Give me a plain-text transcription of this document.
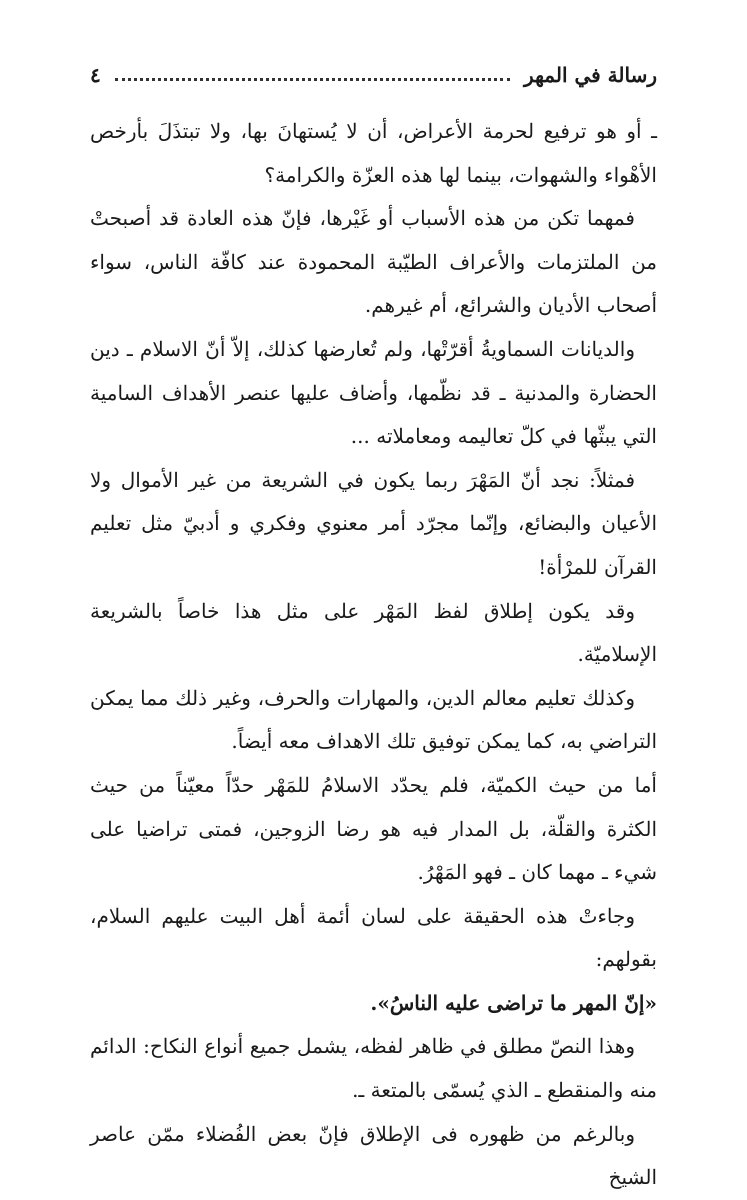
رسالة في المهر
٤

ـ أو هو ترفيع لحرمة الأعراض، أن لا يُستهانَ بها، ولا تبتذَلَ بأرخص الأهْواء والشهوات، بينما لها هذه العزّة والكرامة؟

فمهما تكن من هذه الأسباب أو غَيْرها، فإنّ هذه العادة قد أصبحتْ من الملتزمات والأعراف الطيّبة المحمودة عند كافّة الناس، سواء أصحاب الأديان والشرائع، أم غيرهم.

والديانات السماويةُ أقرّتْها، ولم تُعارضها كذلك، إلاّ أنّ الاسلام ـ دين الحضارة والمدنية ـ قد نظّمها، وأضاف عليها عنصر الأهداف السامية التي يبثّها في كلّ تعاليمه ومعاملاته ...

فمثلاً: نجد أنّ المَهْرَ ربما يكون في الشريعة من غير الأموال ولا الأعيان والبضائع، وإنّما مجرّد أمر معنوي وفكري و أدبيّ مثل تعليم القرآن للمرْأة!

وقد يكون إطلاق لفظ المَهْر على مثل هذا خاصاً بالشريعة الإسلاميّة.

وكذلك تعليم معالم الدين، والمهارات والحرف، وغير ذلك مما يمكن التراضي به، كما يمكن توفيق تلك الاهداف معه أيضاً.

أما من حيث الكميّة، فلم يحدّد الاسلامُ للمَهْر حدّاً معيّناً من حيث الكثرة والقلّة، بل المدار فيه هو رضا الزوجين، فمتى تراضيا على شيء ـ مهما كان ـ فهو المَهْرُ.

وجاءتْ هذه الحقيقة على لسان أئمة أهل البيت عليهم السلام، بقولهم:

«إنّ المهر ما تراضى عليه الناسُ».

وهذا النصّ مطلق في ظاهر لفظه، يشمل جميع أنواع النكاح: الدائم منه والمنقطع ـ الذي يُسمّى بالمتعة ـ.

وبالرغم من ظهوره فى الإطلاق فإنّ بعض الفُضلاء ممّن عاصر الشيخ
